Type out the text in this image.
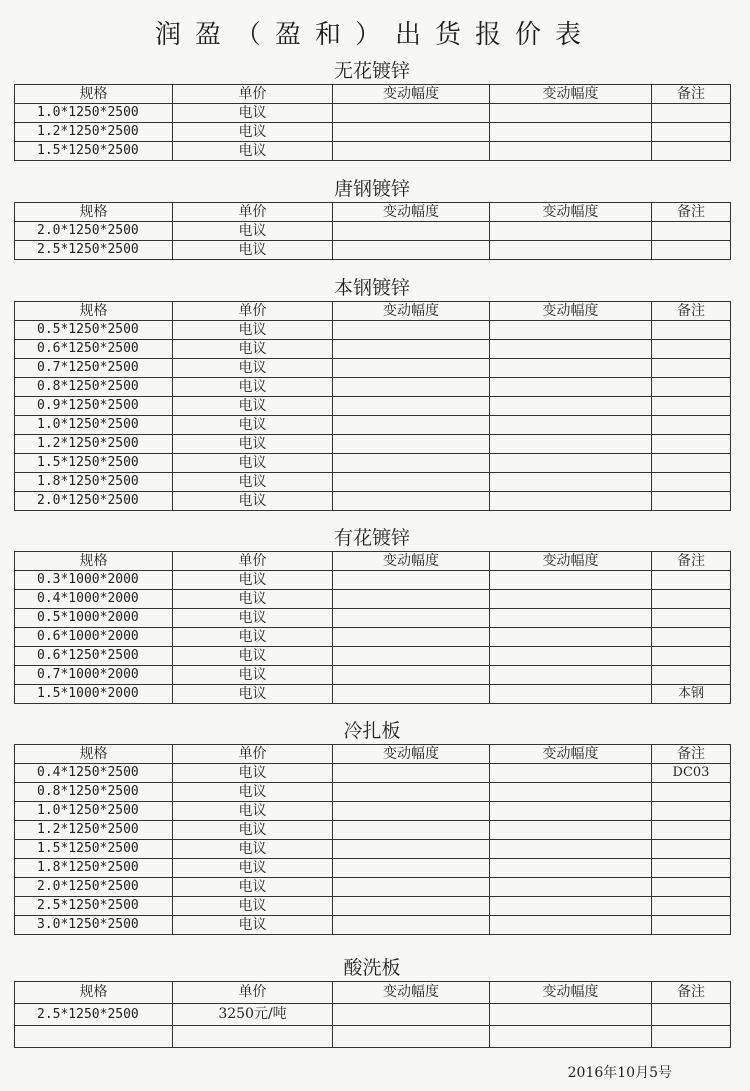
润盈（盈和）出货报价表
无花镀锌
规格	单价	变动幅度	变动幅度	备注
1.0*1250*2500	电议			
1.2*1250*2500	电议			
1.5*1250*2500	电议			
唐钢镀锌
规格	单价	变动幅度	变动幅度	备注
2.0*1250*2500	电议			
2.5*1250*2500	电议			
本钢镀锌
规格	单价	变动幅度	变动幅度	备注
0.5*1250*2500	电议			
0.6*1250*2500	电议			
0.7*1250*2500	电议			
0.8*1250*2500	电议			
0.9*1250*2500	电议			
1.0*1250*2500	电议			
1.2*1250*2500	电议			
1.5*1250*2500	电议			
1.8*1250*2500	电议			
2.0*1250*2500	电议			
有花镀锌
规格	单价	变动幅度	变动幅度	备注
0.3*1000*2000	电议			
0.4*1000*2000	电议			
0.5*1000*2000	电议			
0.6*1000*2000	电议			
0.6*1250*2500	电议			
0.7*1000*2000	电议			
1.5*1000*2000	电议			本钢
冷扎板
规格	单价	变动幅度	变动幅度	备注
0.4*1250*2500	电议			DC03
0.8*1250*2500	电议			
1.0*1250*2500	电议			
1.2*1250*2500	电议			
1.5*1250*2500	电议			
1.8*1250*2500	电议			
2.0*1250*2500	电议			
2.5*1250*2500	电议			
3.0*1250*2500	电议			
酸洗板
规格	单价	变动幅度	变动幅度	备注
2.5*1250*2500	3250元/吨			

2016年10月5号
